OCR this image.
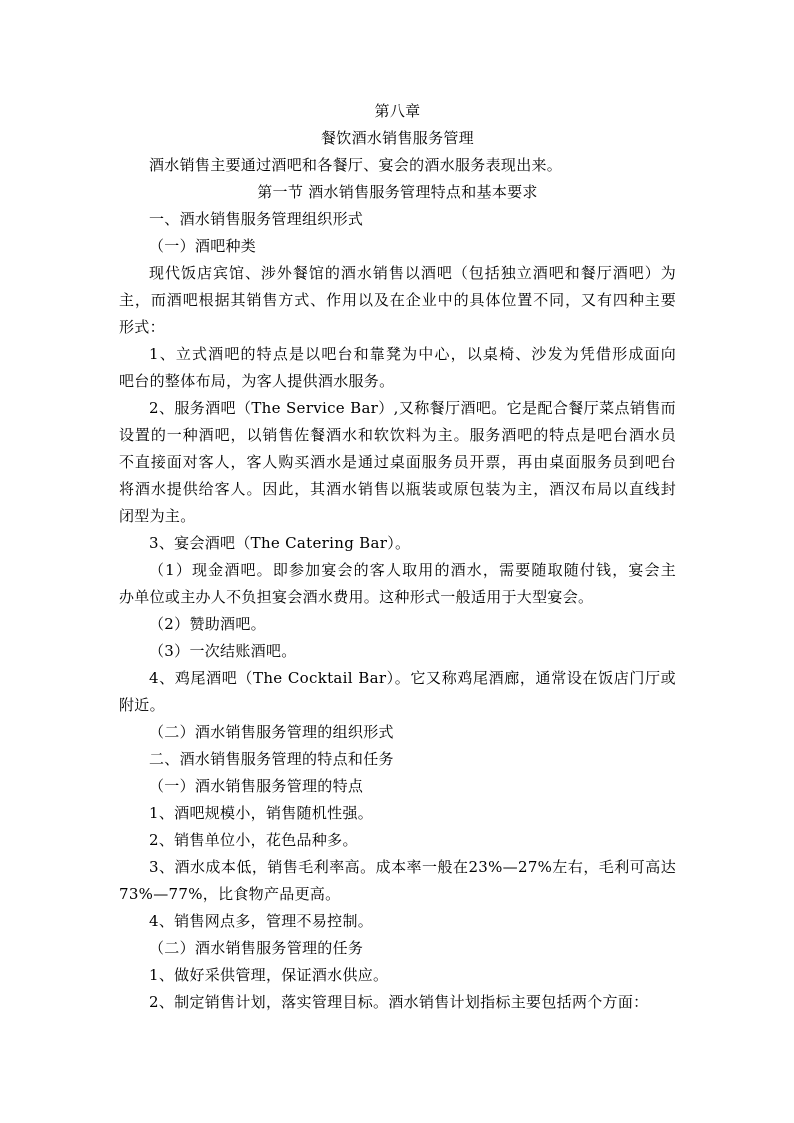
第八章
餐饮酒水销售服务管理
酒水销售主要通过酒吧和各餐厅、宴会的酒水服务表现出来。
第一节 酒水销售服务管理特点和基本要求
一、酒水销售服务管理组织形式
（一）酒吧种类
现代饭店宾馆、涉外餐馆的酒水销售以酒吧（包括独立酒吧和餐厅酒吧）为
主，而酒吧根据其销售方式、作用以及在企业中的具体位置不同，又有四种主要
形式：
1、立式酒吧的特点是以吧台和靠凳为中心，以桌椅、沙发为凭借形成面向
吧台的整体布局，为客人提供酒水服务。
2、服务酒吧（The Service Bar）,又称餐厅酒吧。它是配合餐厅菜点销售而
设置的一种酒吧，以销售佐餐酒水和软饮料为主。服务酒吧的特点是吧台酒水员
不直接面对客人，客人购买酒水是通过桌面服务员开票，再由桌面服务员到吧台
将酒水提供给客人。因此，其酒水销售以瓶装或原包装为主，酒汉布局以直线封
闭型为主。
3、宴会酒吧（The Catering Bar）。
（1）现金酒吧。即参加宴会的客人取用的酒水，需要随取随付钱，宴会主
办单位或主办人不负担宴会酒水费用。这种形式一般适用于大型宴会。
（2）赞助酒吧。
（3）一次结账酒吧。
4、鸡尾酒吧（The Cocktail Bar）。它又称鸡尾酒廊，通常设在饭店门厅或
附近。
（二）酒水销售服务管理的组织形式
二、酒水销售服务管理的特点和任务
（一）酒水销售服务管理的特点
1、酒吧规模小，销售随机性强。
2、销售单位小，花色品种多。
3、酒水成本低，销售毛利率高。成本率一般在23%—27%左右，毛利可高达
73%—77%，比食物产品更高。
4、销售网点多，管理不易控制。
（二）酒水销售服务管理的任务
1、做好采供管理，保证酒水供应。
2、制定销售计划，落实管理目标。酒水销售计划指标主要包括两个方面：
